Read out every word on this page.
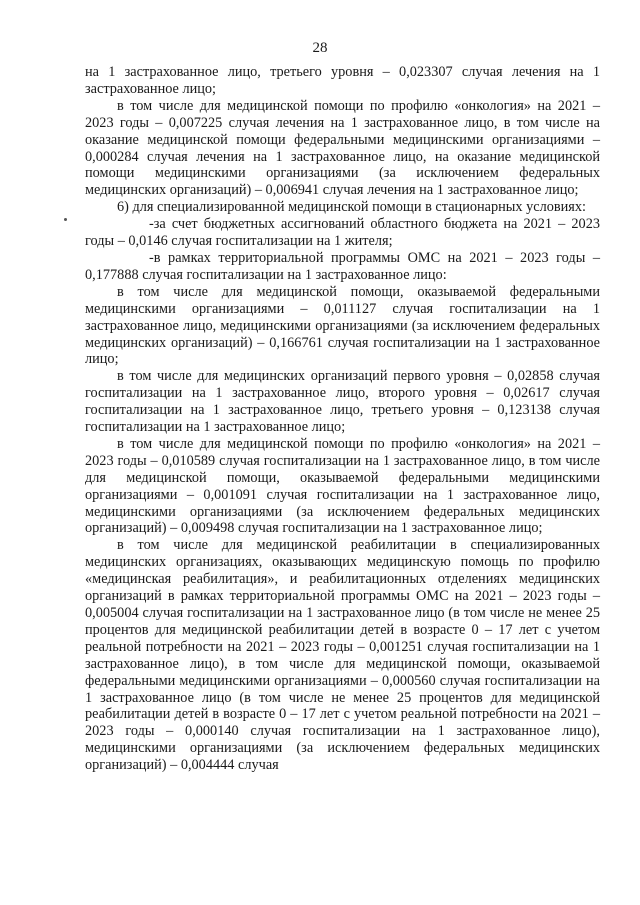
28

на 1 застрахованное лицо, третьего уровня – 0,023307 случая лечения на 1 застрахованное лицо;

в том числе для медицинской помощи по профилю «онкология» на 2021 – 2023 годы – 0,007225 случая лечения на 1 застрахованное лицо, в том числе на оказание медицинской помощи федеральными медицинскими организациями – 0,000284 случая лечения на 1 застрахованное лицо, на оказание медицинской помощи медицинскими организациями (за исключением федеральных медицинских организаций) – 0,006941 случая лечения на 1 застрахованное лицо;

6) для специализированной медицинской помощи в стационарных условиях:

-за счет бюджетных ассигнований областного бюджета на 2021 – 2023 годы – 0,0146 случая госпитализации на 1 жителя;

-в рамках территориальной программы ОМС на 2021 – 2023 годы – 0,177888 случая госпитализации на 1 застрахованное лицо:

в том числе для медицинской помощи, оказываемой федеральными медицинскими организациями – 0,011127 случая госпитализации на 1 застрахованное лицо, медицинскими организациями (за исключением федеральных медицинских организаций) – 0,166761 случая госпитализации на 1 застрахованное лицо;

в том числе для медицинских организаций первого уровня – 0,02858 случая госпитализации на 1 застрахованное лицо, второго уровня – 0,02617 случая госпитализации на 1 застрахованное лицо, третьего уровня – 0,123138 случая госпитализации на 1 застрахованное лицо;

в том числе для медицинской помощи по профилю «онкология» на 2021 – 2023 годы – 0,010589 случая госпитализации на 1 застрахованное лицо, в том числе для медицинской помощи, оказываемой федеральными медицинскими организациями – 0,001091 случая госпитализации на 1 застрахованное лицо, медицинскими организациями (за исключением федеральных медицинских организаций) – 0,009498 случая госпитализации на 1 застрахованное лицо;

в том числе для медицинской реабилитации в специализированных медицинских организациях, оказывающих медицинскую помощь по профилю «медицинская реабилитация», и реабилитационных отделениях медицинских организаций в рамках территориальной программы ОМС на 2021 – 2023 годы – 0,005004 случая госпитализации на 1 застрахованное лицо (в том числе не менее 25 процентов для медицинской реабилитации детей в возрасте 0 – 17 лет с учетом реальной потребности на 2021 – 2023 годы – 0,001251 случая госпитализации на 1 застрахованное лицо), в том числе для медицинской помощи, оказываемой федеральными медицинскими организациями – 0,000560 случая госпитализации на 1 застрахованное лицо (в том числе не менее 25 процентов для медицинской реабилитации детей в возрасте 0 – 17 лет с учетом реальной потребности на 2021 – 2023 годы – 0,000140 случая госпитализации на 1 застрахованное лицо), медицинскими организациями (за исключением федеральных медицинских организаций) – 0,004444 случая
